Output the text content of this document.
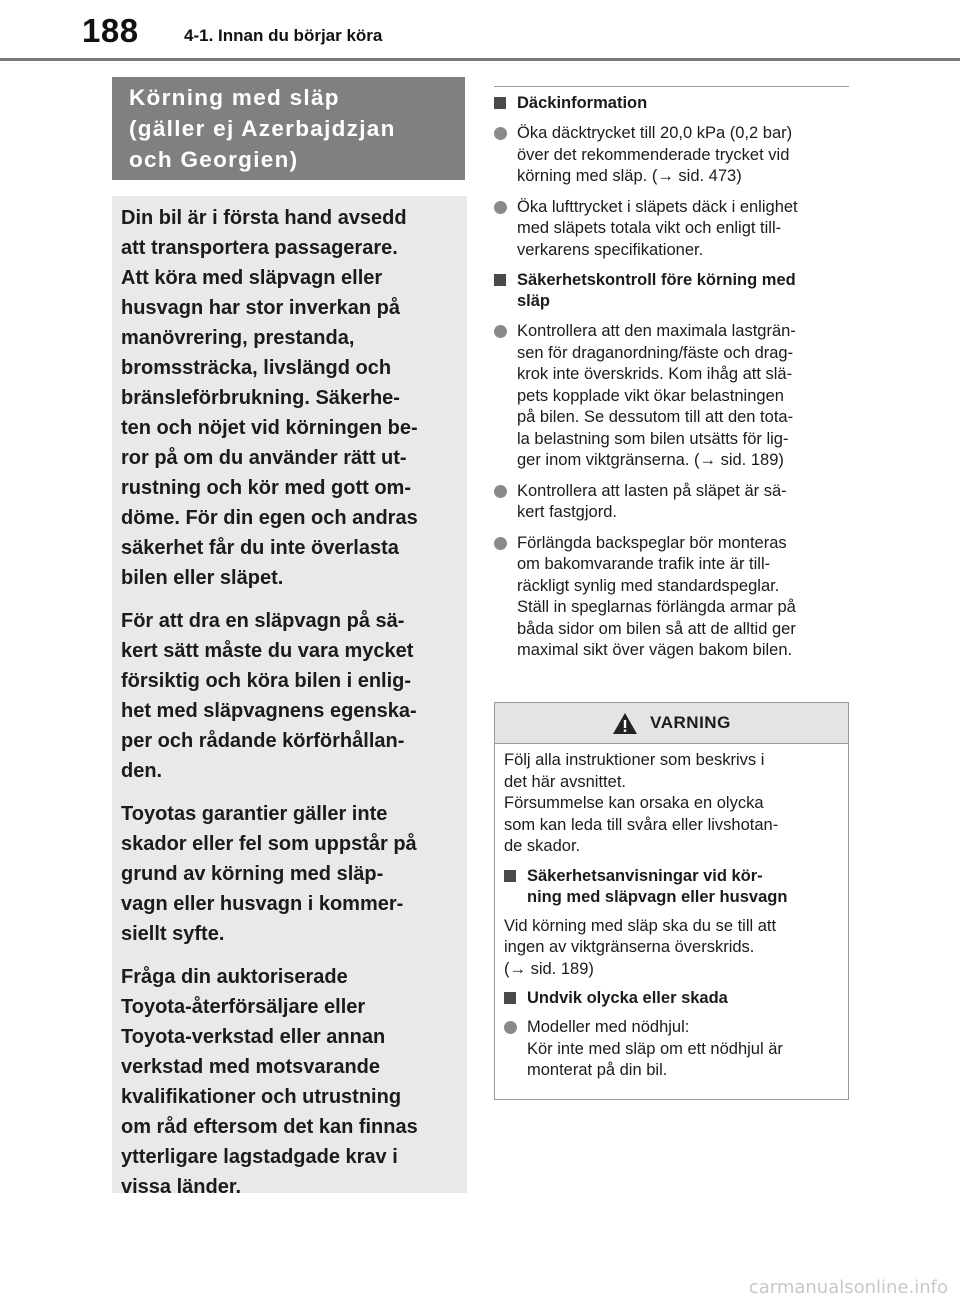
188	4-1. Innan du börjar köra
Körning med släp
(gäller ej Azerbajdzjan
och Georgien)
Din bil är i första hand avsedd
att transportera passagerare.
Att köra med släpvagn eller
husvagn har stor inverkan på
manövrering, prestanda,
bromssträcka, livslängd och
bränsleförbrukning. Säkerhe-
ten och nöjet vid körningen be-
ror på om du använder rätt ut-
rustning och kör med gott om-
döme. För din egen och andras
säkerhet får du inte överlasta
bilen eller släpet.
För att dra en släpvagn på sä-
kert sätt måste du vara mycket
försiktig och köra bilen i enlig-
het med släpvagnens egenska-
per och rådande körförhållan-
den.
Toyotas garantier gäller inte
skador eller fel som uppstår på
grund av körning med släp-
vagn eller husvagn i kommer-
siellt syfte.
Fråga din auktoriserade
Toyota-återförsäljare eller
Toyota-verkstad eller annan
verkstad med motsvarande
kvalifikationer och utrustning
om råd eftersom det kan finnas
ytterligare lagstadgade krav i
vissa länder.
Däckinformation
Öka däcktrycket till 20,0 kPa (0,2 bar)
över det rekommenderade trycket vid
körning med släp. (→ sid. 473)
Öka lufttrycket i släpets däck i enlighet
med släpets totala vikt och enligt till-
verkarens specifikationer.
Säkerhetskontroll före körning med
släp
Kontrollera att den maximala lastgrän-
sen för draganordning/fäste och drag-
krok inte överskrids. Kom ihåg att slä-
pets kopplade vikt ökar belastningen
på bilen. Se dessutom till att den tota-
la belastning som bilen utsätts för lig-
ger inom viktgränserna. (→ sid. 189)
Kontrollera att lasten på släpet är sä-
kert fastgjord.
Förlängda backspeglar bör monteras
om bakomvarande trafik inte är till-
räckligt synlig med standardspeglar.
Ställ in speglarnas förlängda armar på
båda sidor om bilen så att de alltid ger
maximal sikt över vägen bakom bilen.
VARNING
Följ alla instruktioner som beskrivs i
det här avsnittet.
Försummelse kan orsaka en olycka
som kan leda till svåra eller livshotan-
de skador.
Säkerhetsanvisningar vid kör-
ning med släpvagn eller husvagn
Vid körning med släp ska du se till att
ingen av viktgränserna överskrids.
(→ sid. 189)
Undvik olycka eller skada
Modeller med nödhjul:
Kör inte med släp om ett nödhjul är
monterat på din bil.
carmanualsonline.info
